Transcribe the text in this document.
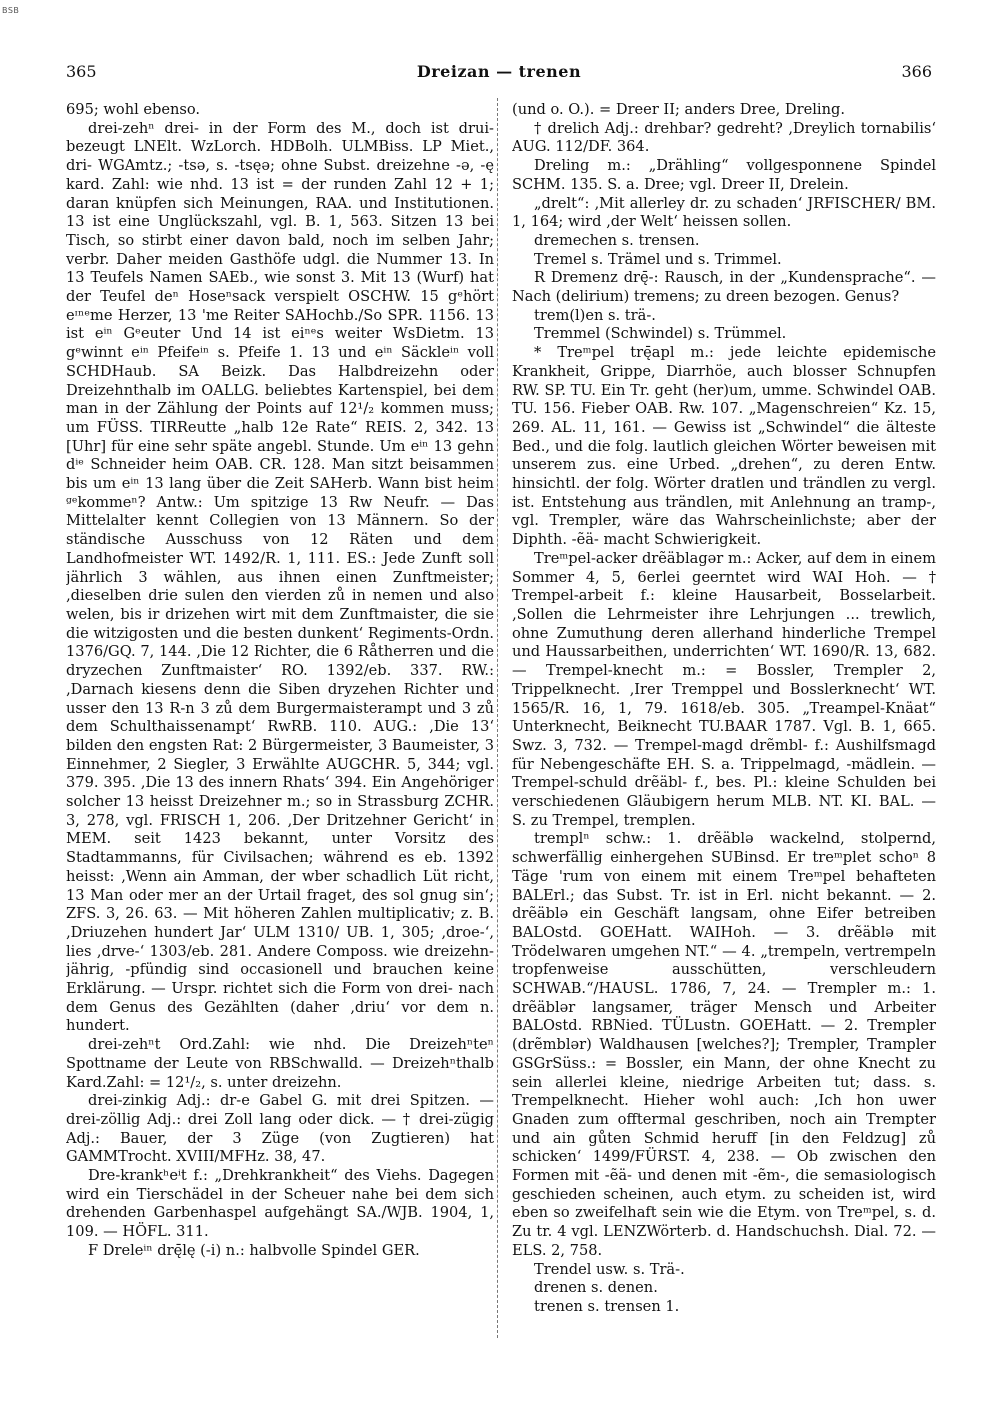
BSB
365	Dreizan — trenen	366

695; wohl ebenso.

drei-zehⁿ drei- in der Form des M., doch ist drui- bezeugt LNElt. WzLorch. HDBolh. ULMBiss. LP Miet., dri- WGAmtz.; -tsə, s. -tsęə; ohne Subst. dreizehne -ə, -ę kard. Zahl: wie nhd. 13 ist = der runden Zahl 12 + 1; daran knüpfen sich Meinungen, RAA. und Institutionen. 13 ist eine Unglückszahl, vgl. B. 1, 563. Sitzen 13 bei Tisch, so stirbt einer davon bald, noch im selben Jahr; verbr. Daher meiden Gasthöfe udgl. die Nummer 13. In 13 Teufels Namen SAEb., wie sonst 3. Mit 13 (Wurf) hat der Teufel deⁿ Hoseⁿsack verspielt OSCHW. 15 gᵉhört eᶦⁿᵉme Herzer, 13 'me Reiter SAHochb./So SPR. 1156. 13 ist eⁱⁿ Gᵉeuter Und 14 ist eiⁿᵉs weiter WsDietm. 13 gᵉwinnt eⁱⁿ Pfeifeⁱⁿ s. Pfeife 1. 13 und eⁱⁿ Säckleⁱⁿ voll SCHDHaub. SA Beizk. Das Halbdreizehn oder Dreizehnthalb im OALLG. beliebtes Kartenspiel, bei dem man in der Zählung der Points auf 12¹/₂ kommen muss; um FÜSS. TIRReutte „halb 12e Rate“ REIS. 2, 342. 13 [Uhr] für eine sehr späte angebl. Stunde. Um eⁱⁿ 13 gehn dⁱᵉ Schneider heim OAB. CR. 128. Man sitzt beisammen bis um eⁱⁿ 13 lang über die Zeit SAHerb. Wann bist heim ᵍᵉkommeⁿ? Antw.: Um spitzige 13 Rw Neufr. — Das Mittelalter kennt Collegien von 13 Männern. So der ständische Ausschuss von 12 Räten und dem Landhofmeister WT. 1492/R. 1, 111. ES.: Jede Zunft soll jährlich 3 wählen, aus ihnen einen Zunftmeister; ‚dieselben drie sulen den vierden zů in nemen und also welen, bis ir drizehen wirt mit dem Zunftmaister, die sie die witzigosten und die besten dunkent‘ Regiments-Ordn. 1376/GQ. 7, 144. ‚Die 12 Richter, die 6 Råtherren und die dryzechen Zunftmaister‘ RO. 1392/eb. 337. RW.: ‚Darnach kiesens denn die Siben dryzehen Richter und usser den 13 R-n 3 zů dem Burgermaisterampt und 3 zů dem Schulthaissenampt‘ RwRB. 110. AUG.: ‚Die 13‘ bilden den engsten Rat: 2 Bürgermeister, 3 Baumeister, 3 Einnehmer, 2 Siegler, 3 Erwählte AUGCHR. 5, 344; vgl. 379. 395. ‚Die 13 des innern Rhats‘ 394. Ein Angehöriger solcher 13 heisst Dreizehner m.; so in Strassburg ZCHR. 3, 278, vgl. FRISCH 1, 206. ‚Der Dritzehner Gericht‘ in MEM. seit 1423 bekannt, unter Vorsitz des Stadtammanns, für Civilsachen; während es eb. 1392 heisst: ‚Wenn ain Amman, der wber schadlich Lüt richt, 13 Man oder mer an der Urtail fraget, des sol gnug sin‘; ZFS. 3, 26. 63. — Mit höheren Zahlen multiplicativ; z. B. ‚Driuzehen hundert Jar‘ ULM 1310/ UB. 1, 305; ‚droe-‘, lies ‚drve-‘ 1303/eb. 281. Andere Composs. wie dreizehn-jährig, -pfündig sind occasionell und brauchen keine Erklärung. — Urspr. richtet sich die Form von drei- nach dem Genus des Gezählten (daher ‚driu‘ vor dem n. hundert.

drei-zehⁿt Ord.Zahl: wie nhd. Die Dreizehⁿteⁿ Spottname der Leute von RBSchwalld. — Dreizehⁿthalb Kard.Zahl: = 12¹/₂, s. unter dreizehn.

drei-zinkig Adj.: dr-e Gabel G. mit drei Spitzen. — drei-zöllig Adj.: drei Zoll lang oder dick. — † drei-zügig Adj.: Bauer, der 3 Züge (von Zugtieren) hat GAMMTrocht. XVIII/MFHz. 38, 47.

Dre-krankʰeⁱt f.: „Drehkrankheit“ des Viehs. Dagegen wird ein Tierschädel in der Scheuer nahe bei dem sich drehenden Garbenhaspel aufgehängt SA./WJB. 1904, 1, 109. — HÖFL. 311.

F Dreleⁱⁿ drę̄lę (-i) n.: halbvolle Spindel GER.

(und o. O.). = Dreer II; anders Dree, Dreling.

† drelich Adj.: drehbar? gedreht? ‚Dreylich tornabilis‘ AUG. 112/DF. 364.

Dreling m.: „Drähling“ vollgesponnene Spindel SCHM. 135. S. a. Dree; vgl. Dreer II, Drelein.

„drelt“: ‚Mit allerley dr. zu schaden‘ JRFISCHER/ BM. 1, 164; wird ‚der Welt‘ heissen sollen.

dremechen s. trensen.

Tremel s. Trämel und s. Trimmel.

R Dremenz drę̄-: Rausch, in der „Kundensprache“. — Nach (delirium) tremens; zu dreen bezogen. Genus?

trem(l)en s. trä-.

Tremmel (Schwindel) s. Trümmel.

* Treᵐpel trę̄apl m.: jede leichte epidemische Krankheit, Grippe, Diarrhöe, auch blosser Schnupfen RW. SP. TU. Ein Tr. geht (her)um, umme. Schwindel OAB. TU. 156. Fieber OAB. Rw. 107. „Magenschreien“ Kz. 15, 269. AL. 11, 161. — Gewiss ist „Schwindel“ die älteste Bed., und die folg. lautlich gleichen Wörter beweisen mit unserem zus. eine Urbed. „drehen“, zu deren Entw. hinsichtl. der folg. Wörter dratlen und trändlen zu vergl. ist. Entstehung aus trändlen, mit Anlehnung an tramp-, vgl. Trempler, wäre das Wahrscheinlichste; aber der Diphth. -ẽä- macht Schwierigkeit.

Treᵐpel-acker drẽäblagər m.: Acker, auf dem in einem Sommer 4, 5, 6erlei geerntet wird WAI Hoh. — † Trempel-arbeit f.: kleine Hausarbeit, Bosselarbeit. ‚Sollen die Lehrmeister ihre Lehrjungen ... trewlich, ohne Zumuthung deren allerhand hinderliche Trempel und Haussarbeithen, underrichten‘ WT. 1690/R. 13, 682. — Trempel-knecht m.: = Bossler, Trempler 2, Trippelknecht. ‚Irer Tremppel und Bosslerknecht‘ WT. 1565/R. 16, 1, 79. 1618/eb. 305. „Treampel-Knäat“ Unterknecht, Beiknecht TU.BAAR 1787. Vgl. B. 1, 665. Swz. 3, 732. — Trempel-magd drẽmbl- f.: Aushilfsmagd für Nebengeschäfte EH. S. a. Trippelmagd, -mädlein. — Trempel-schuld drẽäbl- f., bes. Pl.: kleine Schulden bei verschiedenen Gläubigern herum MLB. NT. KI. BAL. — S. zu Trempel, tremplen.

tremplⁿ schw.: 1. drẽäblə wackelnd, stolpernd, schwerfällig einhergehen SUBinsd. Er treᵐplet schoⁿ 8 Täge 'rum von einem mit einem Treᵐpel behafteten BALErl.; das Subst. Tr. ist in Erl. nicht bekannt. — 2. drẽäblə ein Geschäft langsam, ohne Eifer betreiben BALOstd. GOEHatt. WAIHoh. — 3. drẽäblə mit Trödelwaren umgehen NT.“ — 4. „trempeln, vertrempeln tropfenweise ausschütten, verschleudern SCHWAB.“/HAUSL. 1786, 7, 24. — Trempler m.: 1. drẽäblər langsamer, träger Mensch und Arbeiter BALOstd. RBNied. TÜLustn. GOEHatt. — 2. Trempler (drẽmblər) Waldhausen [welches?]; Trempler, Trampler GSGrSüss.: = Bossler, ein Mann, der ohne Knecht zu sein allerlei kleine, niedrige Arbeiten tut; dass. s. Trempelknecht. Hieher wohl auch: ‚Ich hon uwer Gnaden zum offtermal geschriben, noch ain Trempter und ain gůten Schmid heruff [in den Feldzug] zů schicken‘ 1499/FÜRST. 4, 238. — Ob zwischen den Formen mit -ẽä- und denen mit -ẽm-, die semasiologisch geschieden scheinen, auch etym. zu scheiden ist, wird eben so zweifelhaft sein wie die Etym. von Treᵐpel, s. d. Zu tr. 4 vgl. LENZWörterb. d. Handschuchsh. Dial. 72. — ELS. 2, 758.

Trendel usw. s. Trä-.

drenen s. denen.

trenen s. trensen 1.
